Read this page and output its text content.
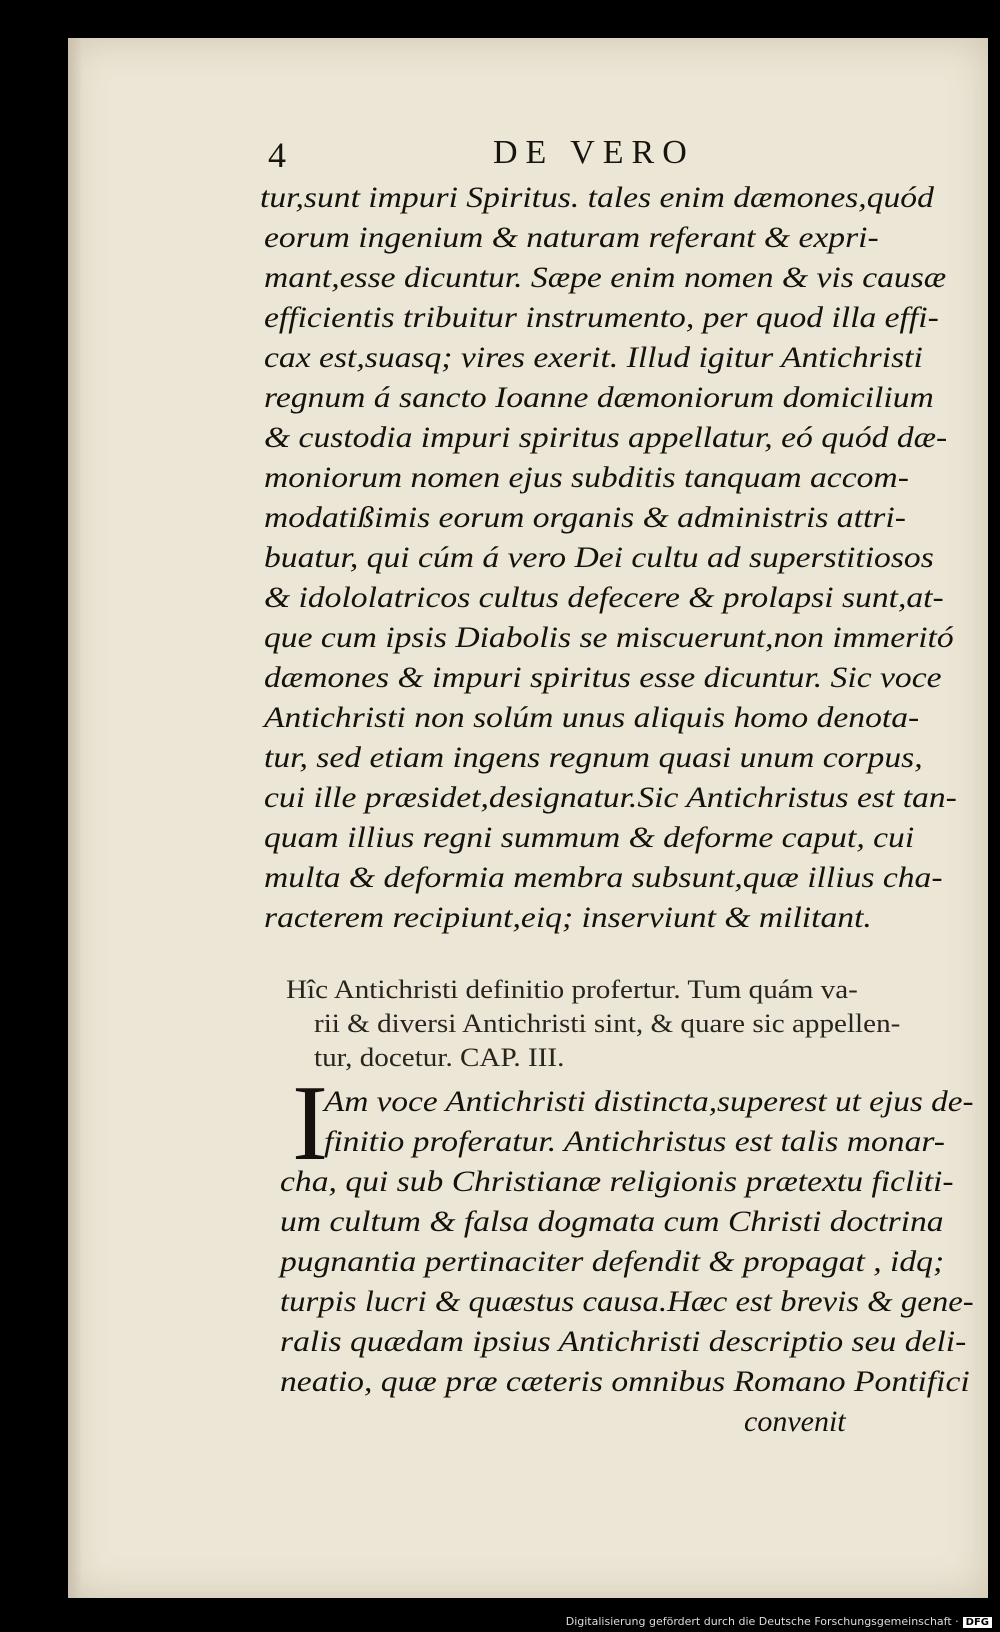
4	DE VERO
tur,sunt impuri Spiritus. tales enim dæmones,quód
eorum ingenium & naturam referant & expri-
mant,esse dicuntur. Sæpe enim nomen & vis causæ
efficientis tribuitur instrumento, per quod illa effi-
cax est,suasq; vires exerit. Illud igitur Antichristi
regnum á sancto Ioanne dæmoniorum domicilium
& custodia impuri spiritus appellatur, eó quód dæ-
moniorum nomen ejus subditis tanquam accom-
modatißimis eorum organis & administris attri-
buatur, qui cúm á vero Dei cultu ad superstitiosos
& idololatricos cultus defecere & prolapsi sunt,at-
que cum ipsis Diabolis se miscuerunt,non immeritó
dæmones & impuri spiritus esse dicuntur. Sic voce
Antichristi non solúm unus aliquis homo denota-
tur, sed etiam ingens regnum quasi unum corpus,
cui ille præsidet,designatur.Sic Antichristus est tan-
quam illius regni summum & deforme caput, cui
multa & deformia membra subsunt,quæ illius cha-
racterem recipiunt,eiq; inserviunt & militant.
Hîc Antichristi definitio profertur. Tum quám va-
rii & diversi Antichristi sint, & quare sic appellen-
tur, docetur. CAP. III.
I
Am voce Antichristi distincta,superest ut ejus de-
finitio proferatur. Antichristus est talis monar-
cha, qui sub Christianæ religionis prætextu ficliti-
um cultum & falsa dogmata cum Christi doctrina
pugnantia pertinaciter defendit & propagat , idq;
turpis lucri & quæstus causa.Hæc est brevis & gene-
ralis quædam ipsius Antichristi descriptio seu deli-
neatio, quæ præ cæteris omnibus Romano Pontifici
convenit
Digitalisierung gefördert durch die Deutsche Forschungsgemeinschaft · DFG
